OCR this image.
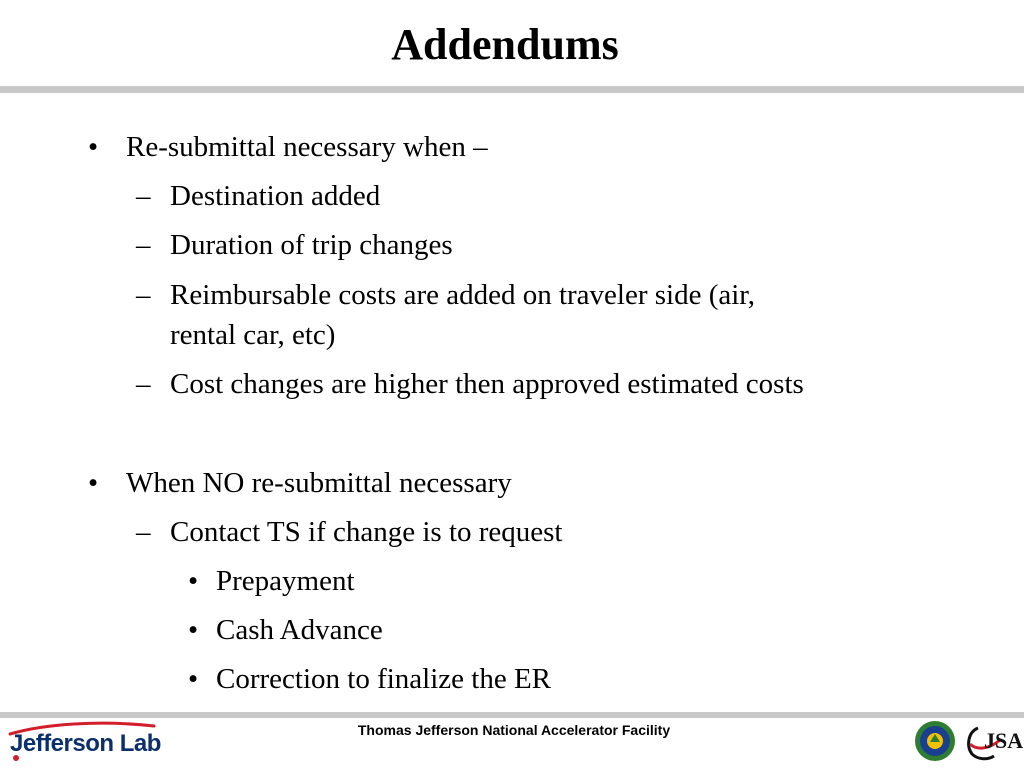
Addendums
• Re-submittal necessary when –
– Destination added
– Duration of trip changes
– Reimbursable costs are added on traveler side (air,
rental car, etc)
– Cost changes are higher then approved estimated costs
• When NO re-submittal necessary
– Contact TS if change is to request
• Prepayment
• Cash Advance
• Correction to finalize the ER
Jefferson Lab	Thomas Jefferson National Accelerator Facility	JSA
